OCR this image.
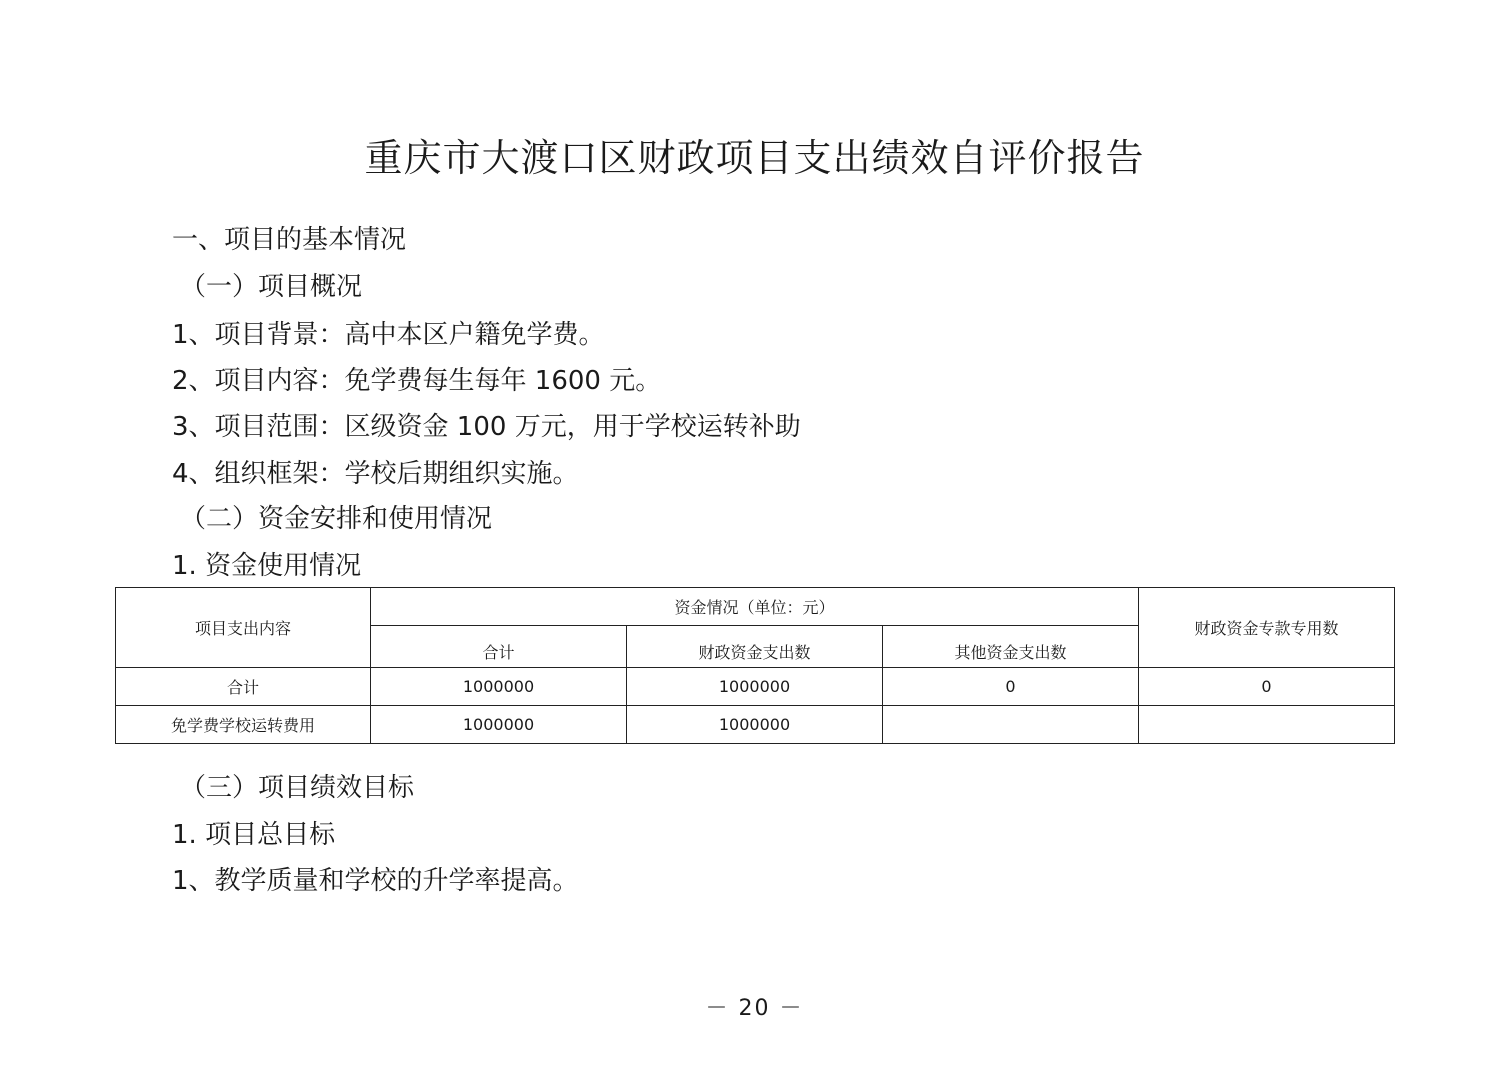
重庆市大渡口区财政项目支出绩效自评价报告
一、项目的基本情况
（一）项目概况
1、项目背景：高中本区户籍免学费。
2、项目内容：免学费每生每年 1600 元。
3、项目范围：区级资金 100 万元，用于学校运转补助
4、组织框架：学校后期组织实施。
（二）资金安排和使用情况
1. 资金使用情况
项目支出内容	资金情况（单位：元）			财政资金专款专用数
	合计	财政资金支出数	其他资金支出数	
合计	1000000	1000000	0	0
免学费学校运转费用	1000000	1000000		
（三）项目绩效目标
1. 项目总目标
1、教学质量和学校的升学率提高。
－ 20 －
